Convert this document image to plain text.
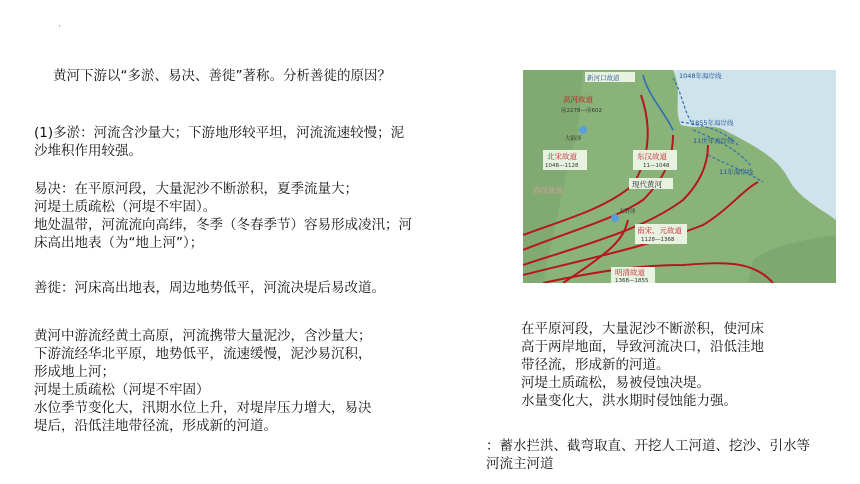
·
黄河下游以“多淤、易决、善徙”著称。分析善徙的原因？
(1)多淤：河流含沙量大；下游地形较平坦，河流流速较慢；泥
沙堆积作用较强。
易决：在平原河段，大量泥沙不断淤积，夏季流量大；
河堤土质疏松（河堤不牢固）。
地处温带，河流流向高纬，冬季（冬春季节）容易形成凌汛；河
床高出地表（为“地上河”）；
善徙：河床高出地表，周边地势低平，河流决堤后易改道。
黄河中游流经黄土高原，河流携带大量泥沙，含沙量大；
下游流经华北平原，地势低平，流速缓慢，泥沙易沉积，
形成地上河；
河堤土质疏松（河堤不牢固）
水位季节变化大，汛期水位上升，对堤岸压力增大，易决
堤后，沿低洼地带径流，形成新的河道。
在平原河段，大量泥沙不断淤积，使河床
高于两岸地面，导致河流决口，沿低洼地
带径流，形成新的河道。
河堤土质疏松，易被侵蚀决堤。
水量变化大，洪水期时侵蚀能力强。
：蓄水拦洪、截弯取直、开挖人工河道、挖沙、引水等
河流主河道
新河口故道	1048年海岸线
1855年海岸线
11世年海岸线
11年海岸线
高河故道
前2278—前602
大陆泽
北宋故道
1048—1128
东汉故道
11—1048
现代黄河
西汉故道
大野泽
南宋、元故道
1128—1368
明清故道
1368—1855
